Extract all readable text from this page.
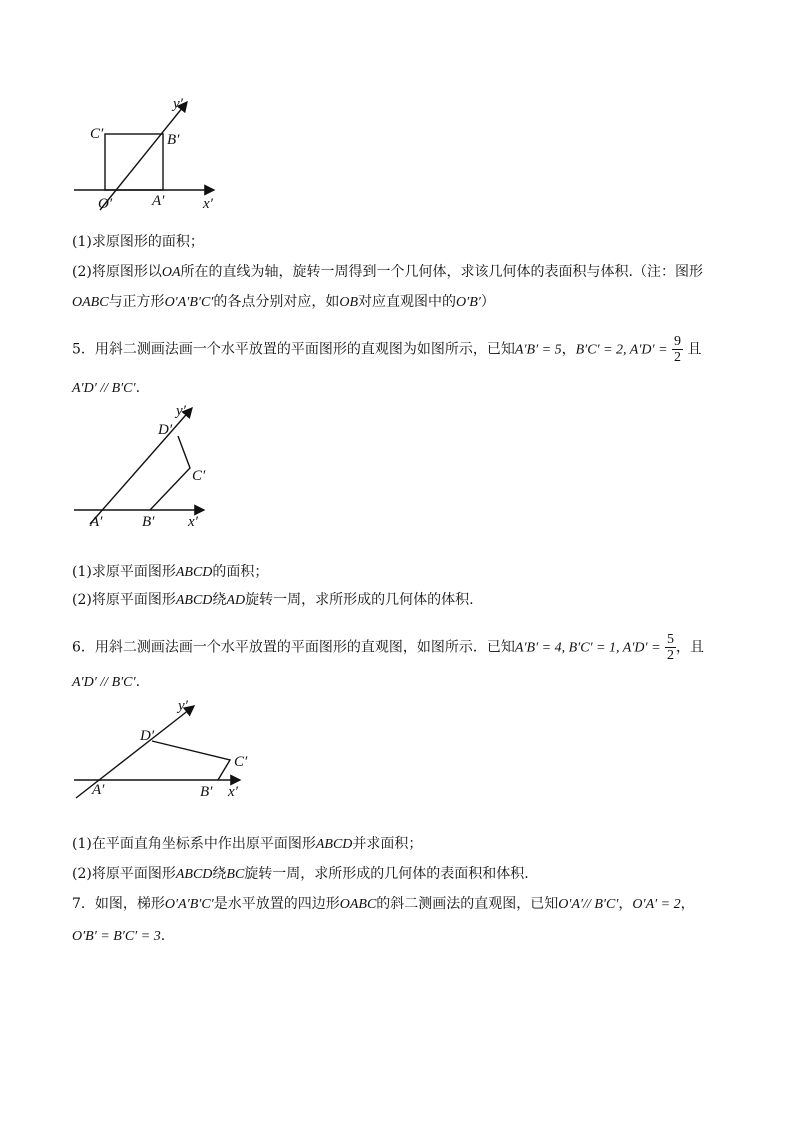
y′
C′	B′
O′	A′	x′
(1)求原图形的面积；
(2)将原图形以OA所在的直线为轴，旋转一周得到一个几何体，求该几何体的表面积与体积.（注：图形
OABC与正方形O′A′B′C′的各点分别对应，如OB对应直观图中的O′B′）
5．用斜二测画法画一个水平放置的平面图形的直观图为如图所示，已知A′B′ = 5，B′C′ = 2, $A'D' = \frac{9}{2}$ 且
A′D′ // B′C′.
y′
D′
C′
A′	B′ x′
(1)求原平面图形ABCD的面积；
(2)将原平面图形ABCD绕AD旋转一周，求所形成的几何体的体积.
6．用斜二测画法画一个水平放置的平面图形的直观图，如图所示．已知A′B′ = 4, B′C′ = 1, $A'D' = \frac{5}{2}$ ，且
A′D′ // B′C′.
y′
D′
C′
A′	B′ x′
(1)在平面直角坐标系中作出原平面图形ABCD并求面积；
(2)将原平面图形ABCD绕BC旋转一周，求所形成的几何体的表面积和体积.
7．如图，梯形O′A′B′C′是水平放置的四边形OABC的斜二测画法的直观图，已知O′A′// B′C′，O′A′ = 2，
O′B′ = B′C′ = 3.
